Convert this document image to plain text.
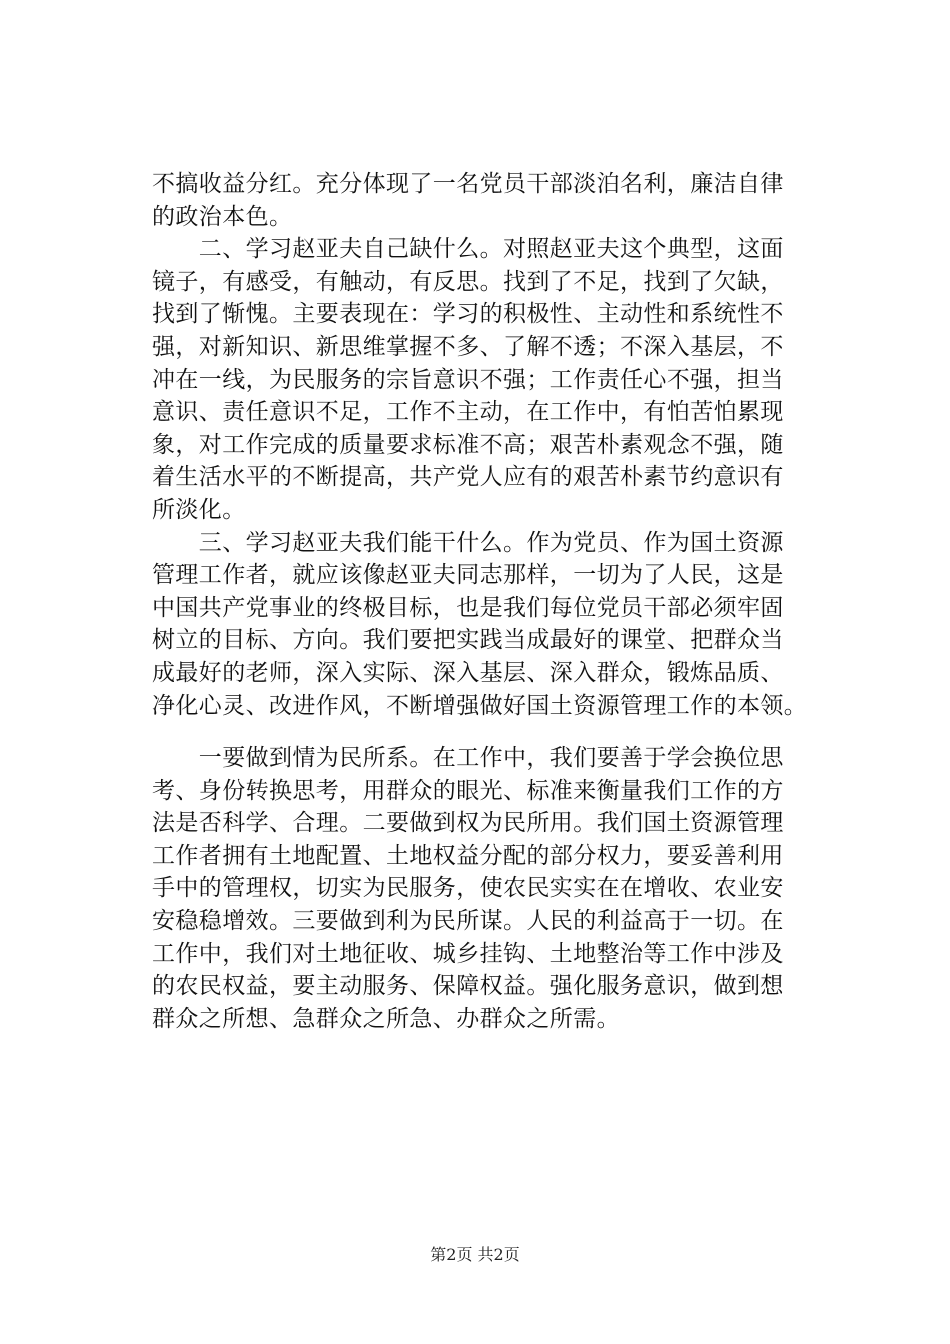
不搞收益分红。充分体现了一名党员干部淡泊名利，廉洁自律
的政治本色。
　　二、学习赵亚夫自己缺什么。对照赵亚夫这个典型，这面
镜子，有感受，有触动，有反思。找到了不足，找到了欠缺，
找到了惭愧。主要表现在：学习的积极性、主动性和系统性不
强，对新知识、新思维掌握不多、了解不透；不深入基层，不
冲在一线，为民服务的宗旨意识不强；工作责任心不强，担当
意识、责任意识不足，工作不主动，在工作中，有怕苦怕累现
象，对工作完成的质量要求标准不高；艰苦朴素观念不强，随
着生活水平的不断提高，共产党人应有的艰苦朴素节约意识有
所淡化。
　　三、学习赵亚夫我们能干什么。作为党员、作为国土资源
管理工作者，就应该像赵亚夫同志那样，一切为了人民，这是
中国共产党事业的终极目标，也是我们每位党员干部必须牢固
树立的目标、方向。我们要把实践当成最好的课堂、把群众当
成最好的老师，深入实际、深入基层、深入群众，锻炼品质、
净化心灵、改进作风，不断增强做好国土资源管理工作的本领。
　　一要做到情为民所系。在工作中，我们要善于学会换位思
考、身份转换思考，用群众的眼光、标准来衡量我们工作的方
法是否科学、合理。二要做到权为民所用。我们国土资源管理
工作者拥有土地配置、土地权益分配的部分权力，要妥善利用
手中的管理权，切实为民服务，使农民实实在在增收、农业安
安稳稳增效。三要做到利为民所谋。人民的利益高于一切。在
工作中，我们对土地征收、城乡挂钩、土地整治等工作中涉及
的农民权益，要主动服务、保障权益。强化服务意识，做到想
群众之所想、急群众之所急、办群众之所需。
第2页 共2页
